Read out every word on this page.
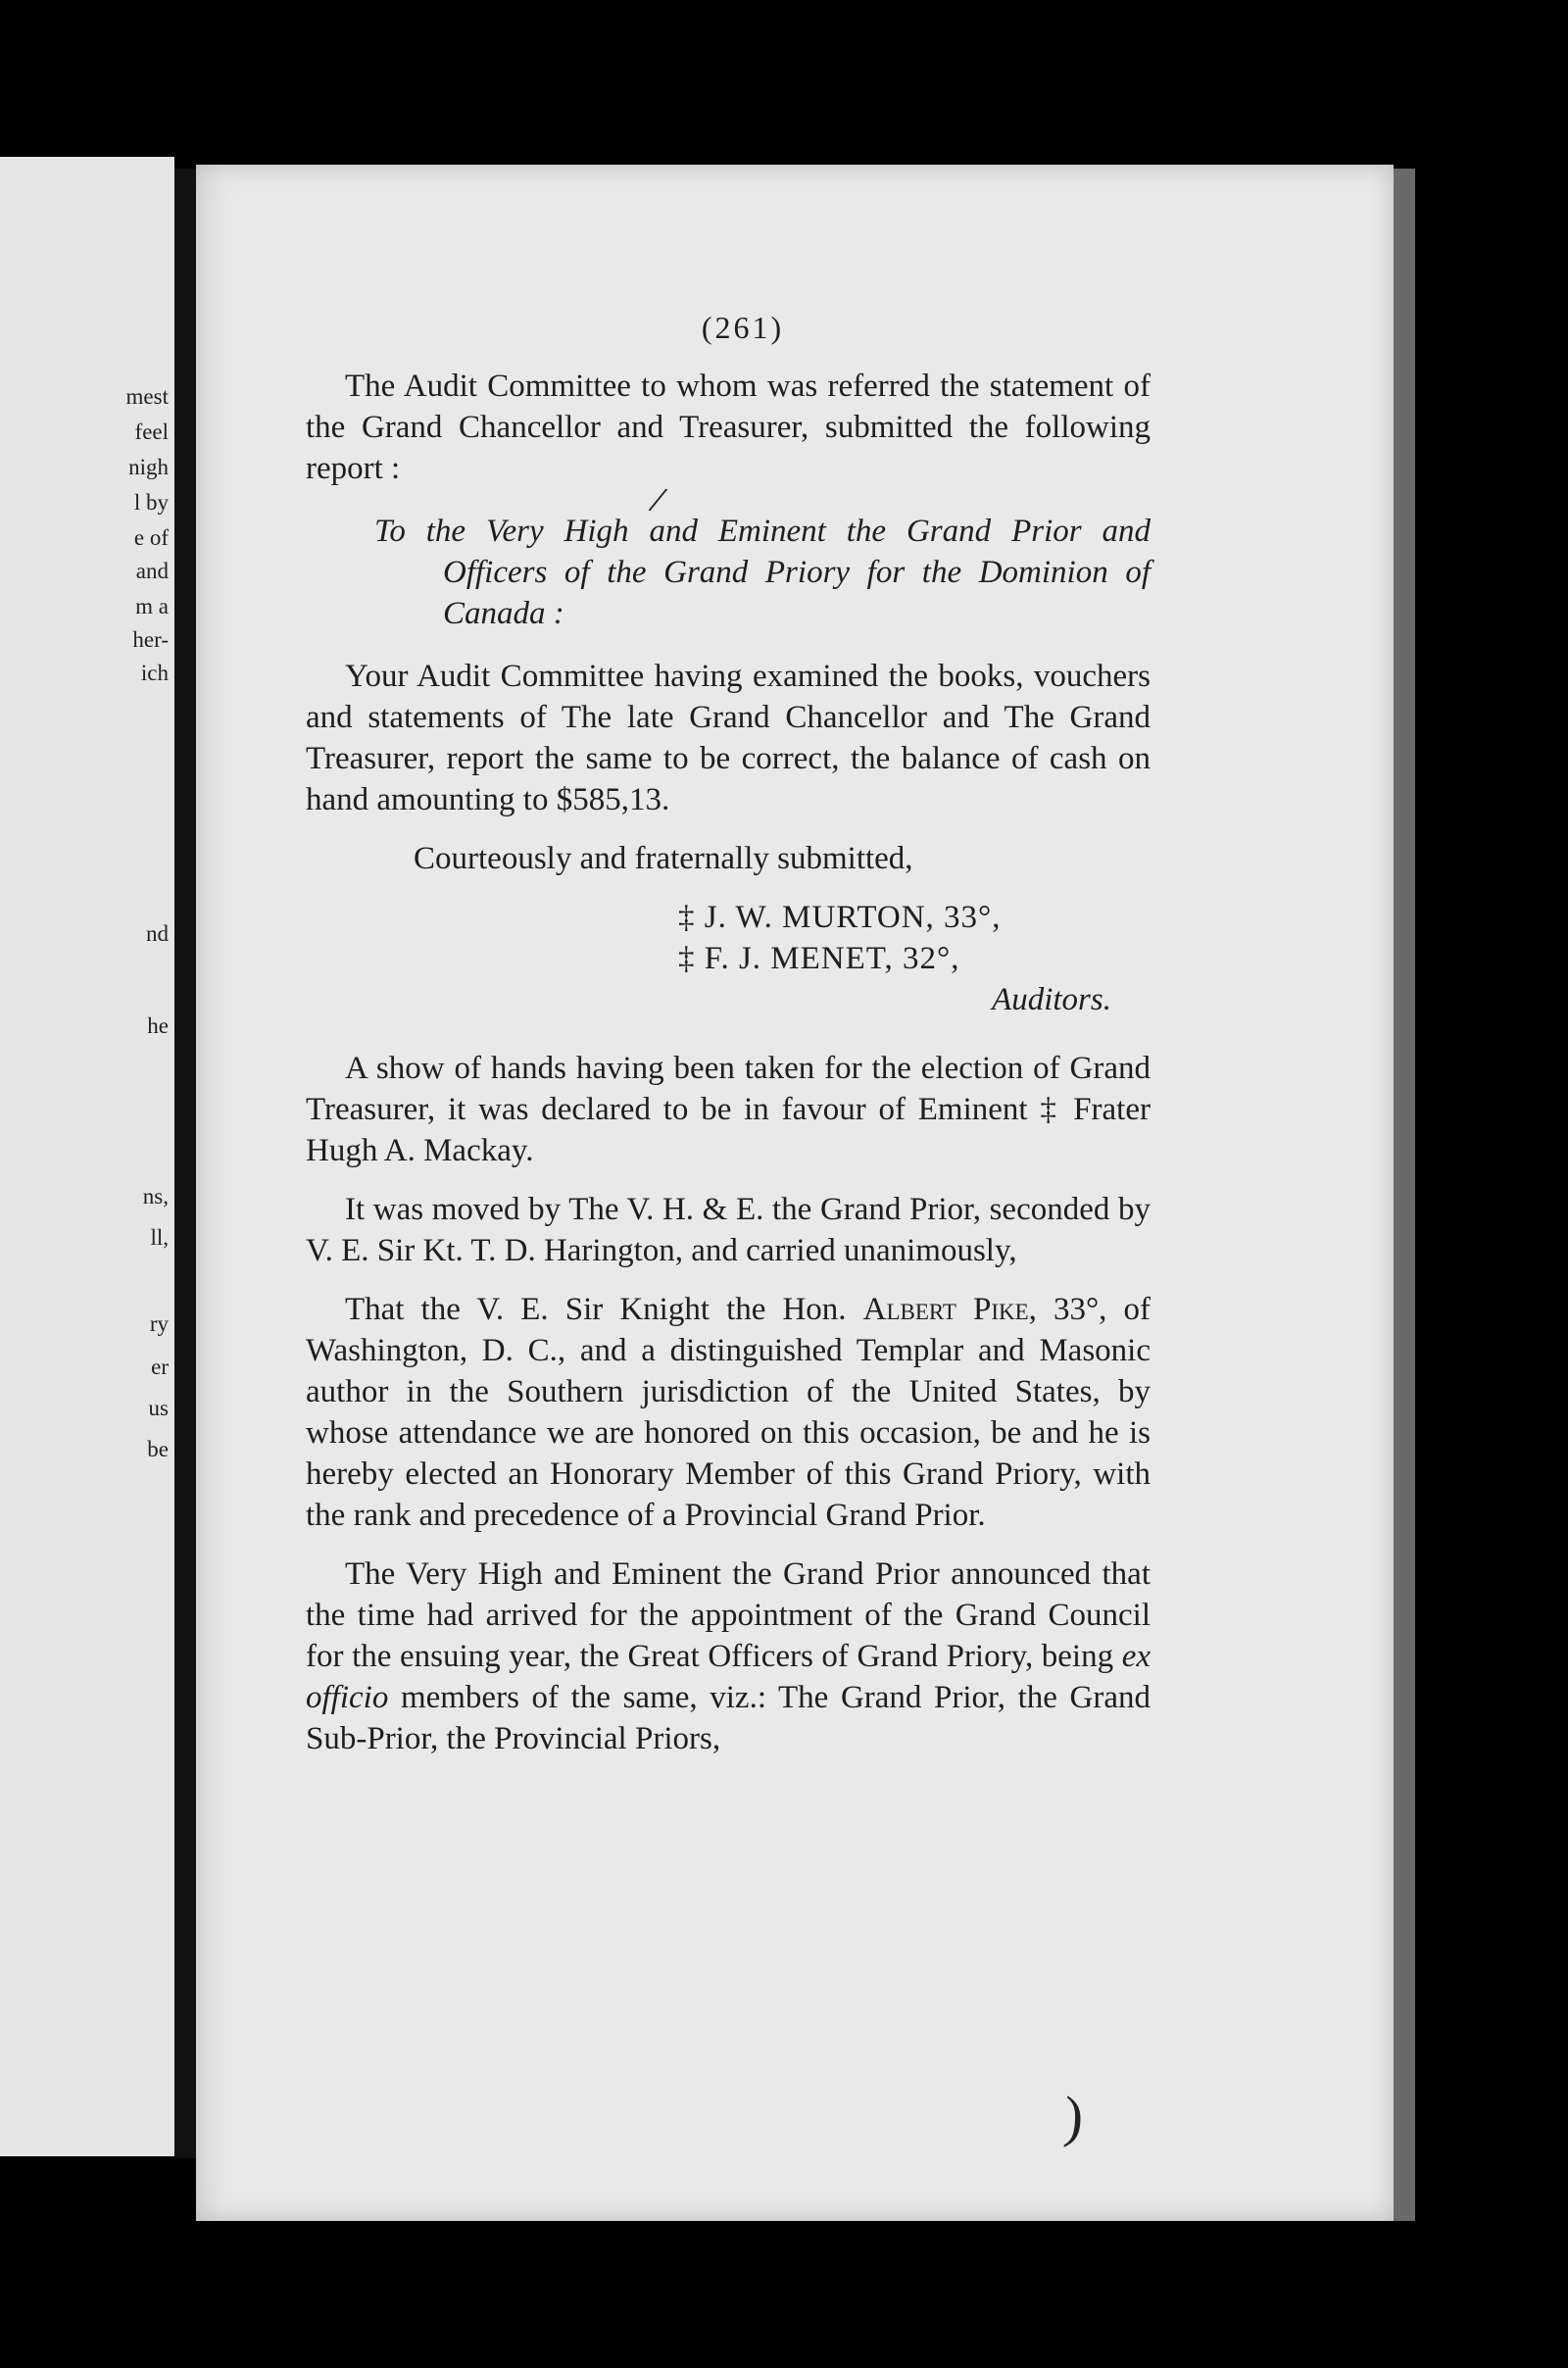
mest
feel
nigh
l by
e of
and
m a
her-
ich
nd
he
ns,
ll,
ry
er
us
be
(261)

The Audit Committee to whom was referred the statement of the Grand Chancellor and Treasurer, submitted the following report :

To the Very High and Eminent the Grand Prior and Officers of the Grand Priory for the Dominion of Canada :

Your Audit Committee having examined the books, vouchers and statements of The late Grand Chancellor and The Grand Treasurer, report the same to be correct, the balance of cash on hand amounting to $585,13.

Courteously and fraternally submitted,

‡ J. W. MURTON, 33°,

‡ F. J. MENET, 32°,

Auditors.

A show of hands having been taken for the election of Grand Treasurer, it was declared to be in favour of Eminent ‡ Frater Hugh A. Mackay.

It was moved by The V. H. & E. the Grand Prior, seconded by V. E. Sir Kt. T. D. Harington, and carried unanimously,

That the V. E. Sir Knight the Hon. Albert Pike, 33°, of Washington, D. C., and a distinguished Templar and Masonic author in the Southern jurisdiction of the United States, by whose attendance we are honored on this occasion, be and he is hereby elected an Honorary Member of this Grand Priory, with the rank and precedence of a Provincial Grand Prior.

The Very High and Eminent the Grand Prior announced that the time had arrived for the appointment of the Grand Council for the ensuing year, the Great Officers of Grand Priory, being ex officio members of the same, viz.: The Grand Prior, the Grand Sub-Prior, the Provincial Priors,

/
)
